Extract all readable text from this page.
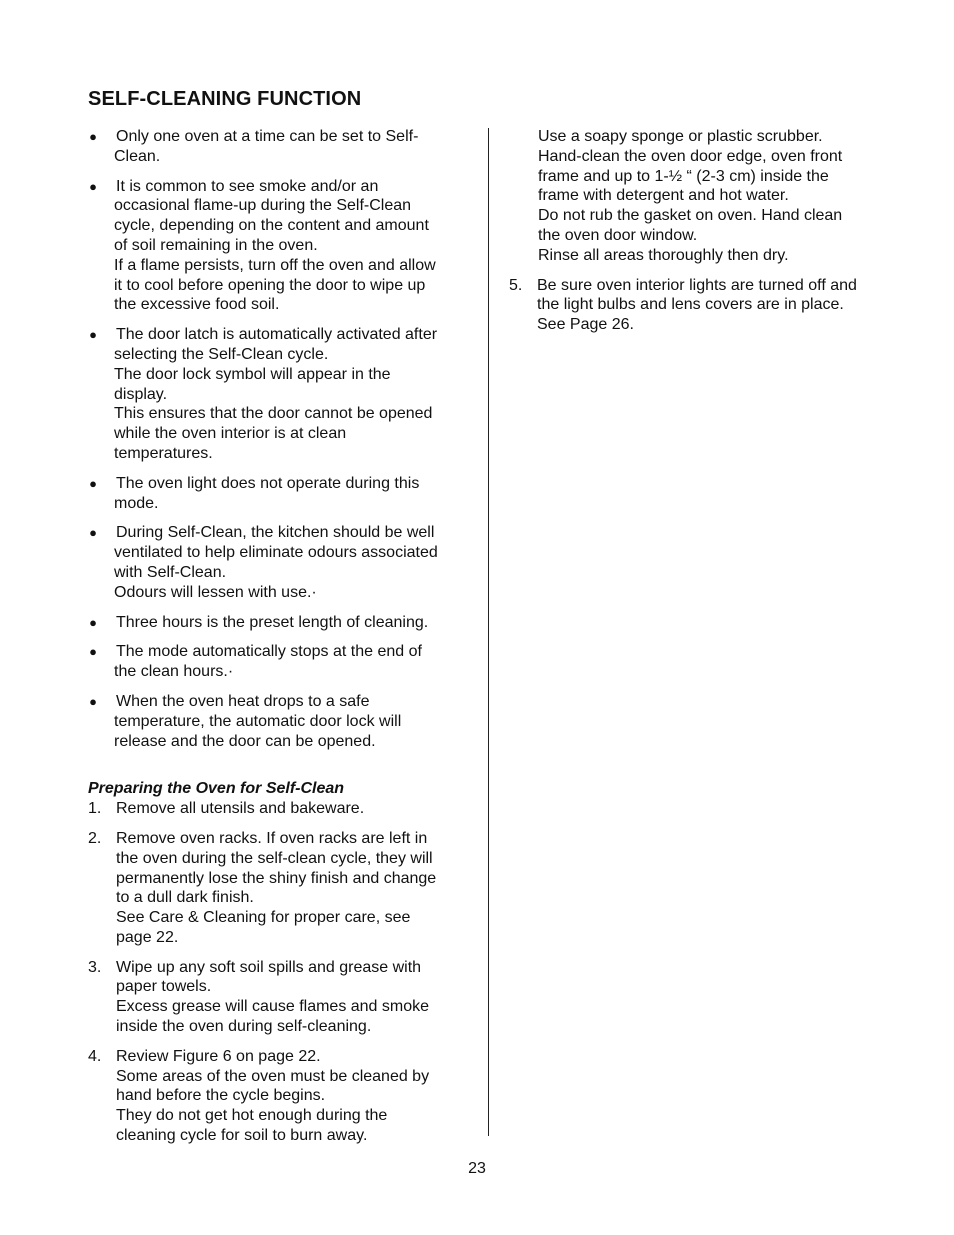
SELF-CLEANING FUNCTION
● Only one oven at a time can be set to Self-
Clean.
● It is common to see smoke and/or an
occasional flame-up during the Self-Clean
cycle, depending on the content and amount
of soil remaining in the oven.
If a flame persists, turn off the oven and allow
it to cool before opening the door to wipe up
the excessive food soil.
● The door latch is automatically activated after
selecting the Self-Clean cycle.
The door lock symbol will appear in the
display.
This ensures that the door cannot be opened
while the oven interior is at clean
temperatures.
● The oven light does not operate during this
mode.
● During Self-Clean, the kitchen should be well
ventilated to help eliminate odours associated
with Self-Clean.
Odours will lessen with use.·
● Three hours is the preset length of cleaning.
● The mode automatically stops at the end of
the clean hours.·
● When the oven heat drops to a safe
temperature, the automatic door lock will
release and the door can be opened.
Preparing the Oven for Self-Clean
1. Remove all utensils and bakeware.
2. Remove oven racks. If oven racks are left in
the oven during the self-clean cycle, they will
permanently lose the shiny finish and change
to a dull dark finish.
See Care & Cleaning for proper care, see
page 22.
3. Wipe up any soft soil spills and grease with
paper towels.
Excess grease will cause flames and smoke
inside the oven during self-cleaning.
4. Review Figure 6 on page 22.
Some areas of the oven must be cleaned by
hand before the cycle begins.
They do not get hot enough during the
cleaning cycle for soil to burn away.
Use a soapy sponge or plastic scrubber.
Hand-clean the oven door edge, oven front
frame and up to 1-½ “ (2-3 cm) inside the
frame with detergent and hot water.
Do not rub the gasket on oven. Hand clean
the oven door window.
Rinse all areas thoroughly then dry.
5. Be sure oven interior lights are turned off and
the light bulbs and lens covers are in place.
See Page 26.
23
